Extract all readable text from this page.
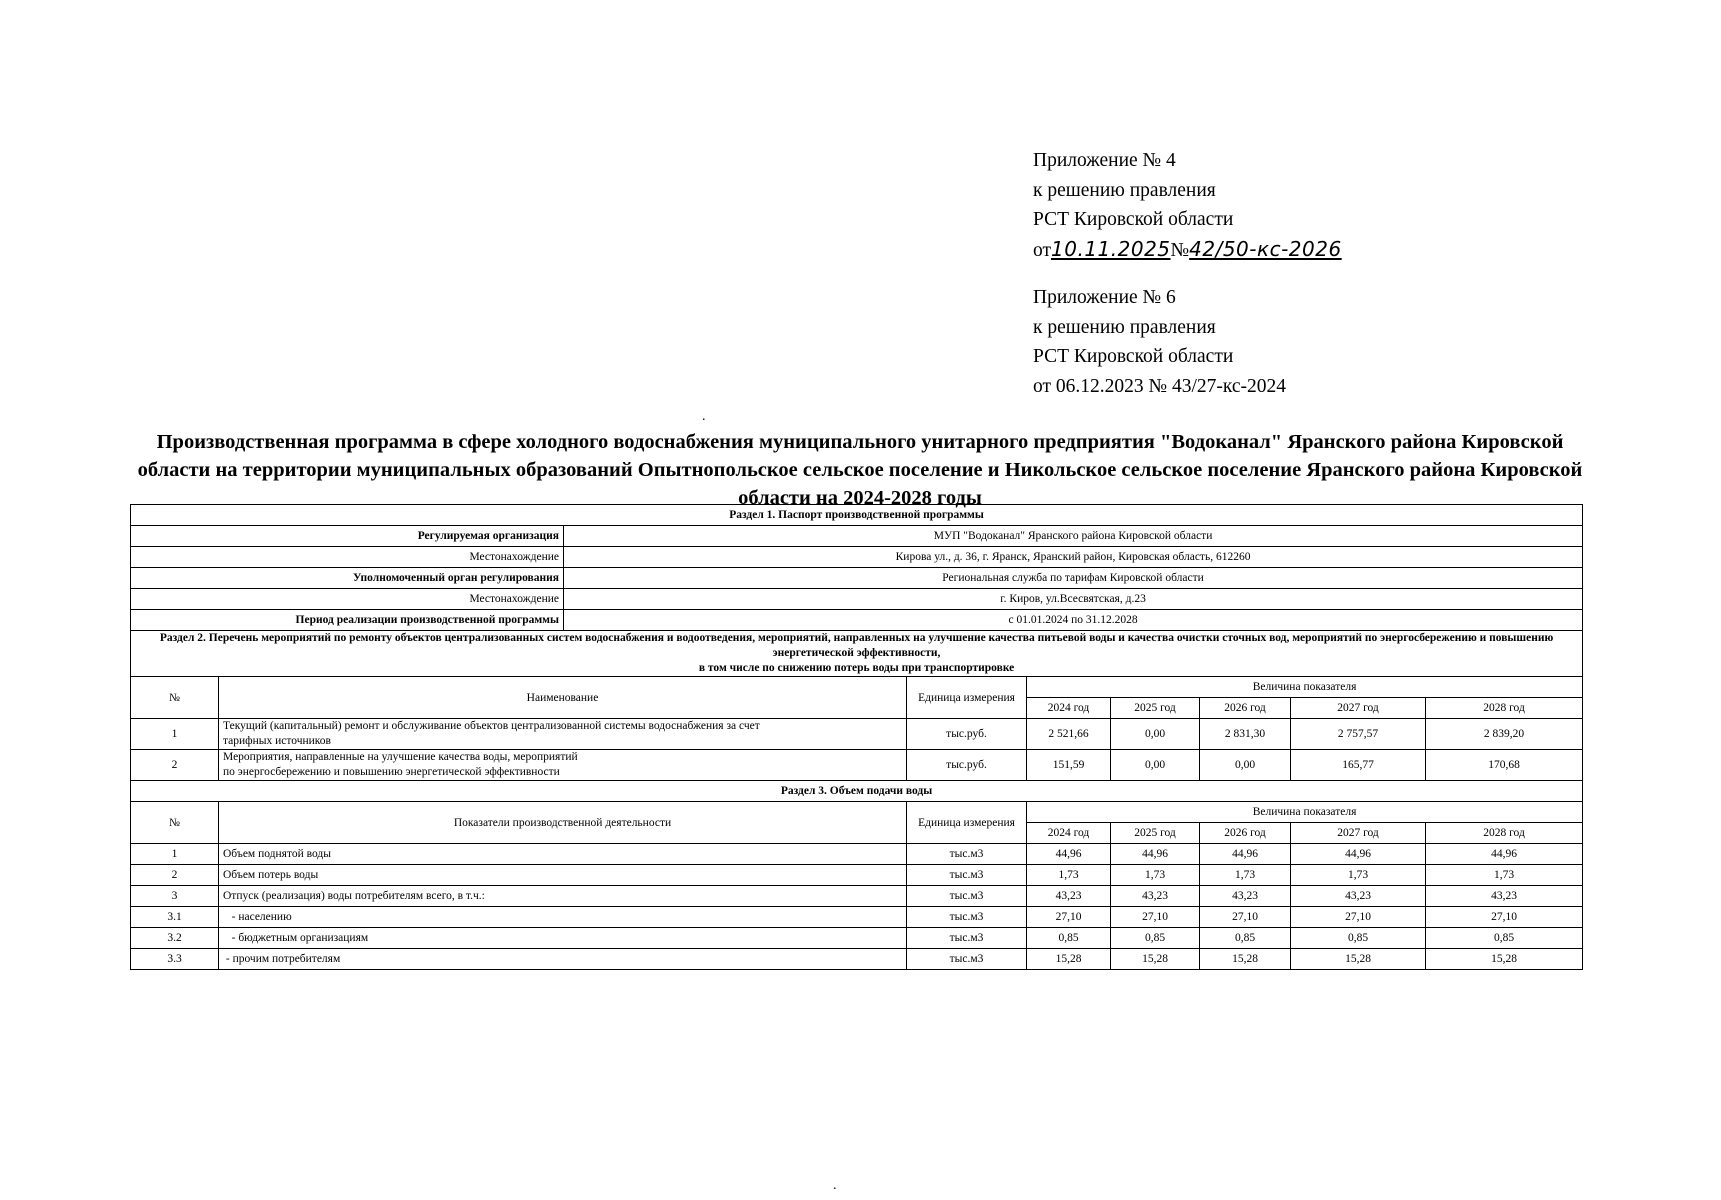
Приложение № 4
к решению правления
РСТ Кировской области
от10.11.2025№42/50-кс-2026
Приложение № 6
к решению правления
РСТ Кировской области
от 06.12.2023 № 43/27-кс-2024
.
Производственная программа в сфере холодного водоснабжения муниципального унитарного предприятия "Водоканал" Яранского района Кировской области на территории муниципальных образований Опытнопольское сельское поселение и Никольское сельское поселение Яранского района Кировской области на 2024-2028 годы
Раздел 1. Паспорт производственной программы								
Регулируемая организация		МУП "Водоканал" Яранского района Кировской области						
Местонахождение		Кирова ул., д. 36, г. Яранск, Яранский район, Кировская область, 612260						
Уполномоченный орган регулирования		Региональная служба по тарифам Кировской области						
Местонахождение		г. Киров, ул.Всесвятская, д.23						
Период реализации производственной программы		с 01.01.2024 по 31.12.2028						

Раздел 2. Перечень мероприятий по ремонту объектов централизованных систем водоснабжения и водоотведения, мероприятий, направленных на улучшение качества питьевой воды и качества очистки сточных вод, мероприятий по энергосбережению и повышению энергетической эффективности,
в том числе по снижению потерь воды при транспортировке								

№	Наименование		Единица измерения	Величина показателя				
				2024 год	2025 год	2026 год	2027 год	2028 год
1	Текущий (капитальный) ремонт и обслуживание объектов централизованной системы водоснабжения за счет
тарифных источников		тыс.руб.	2 521,66	0,00	2 831,30	2 757,57	2 839,20
2	Мероприятия, направленные на улучшение качества воды, мероприятий
по энергосбережению и повышению энергетической эффективности		тыс.руб.	151,59	0,00	0,00	165,77	170,68
Раздел 3. Объем подачи воды								
№	Показатели производственной деятельности		Единица измерения	Величина показателя				
				2024 год	2025 год	2026 год	2027 год	2028 год
1	Объем поднятой воды		тыс.м3	44,96	44,96	44,96	44,96	44,96
2	Объем потерь воды		тыс.м3	1,73	1,73	1,73	1,73	1,73
3	Отпуск (реализация) воды потребителям всего, в т.ч.:		тыс.м3	43,23	43,23	43,23	43,23	43,23
3.1	- населению		тыс.м3	27,10	27,10	27,10	27,10	27,10
3.2	- бюджетным организациям		тыс.м3	0,85	0,85	0,85	0,85	0,85
3.3	- прочим потребителям		тыс.м3	15,28	15,28	15,28	15,28	15,28
.
